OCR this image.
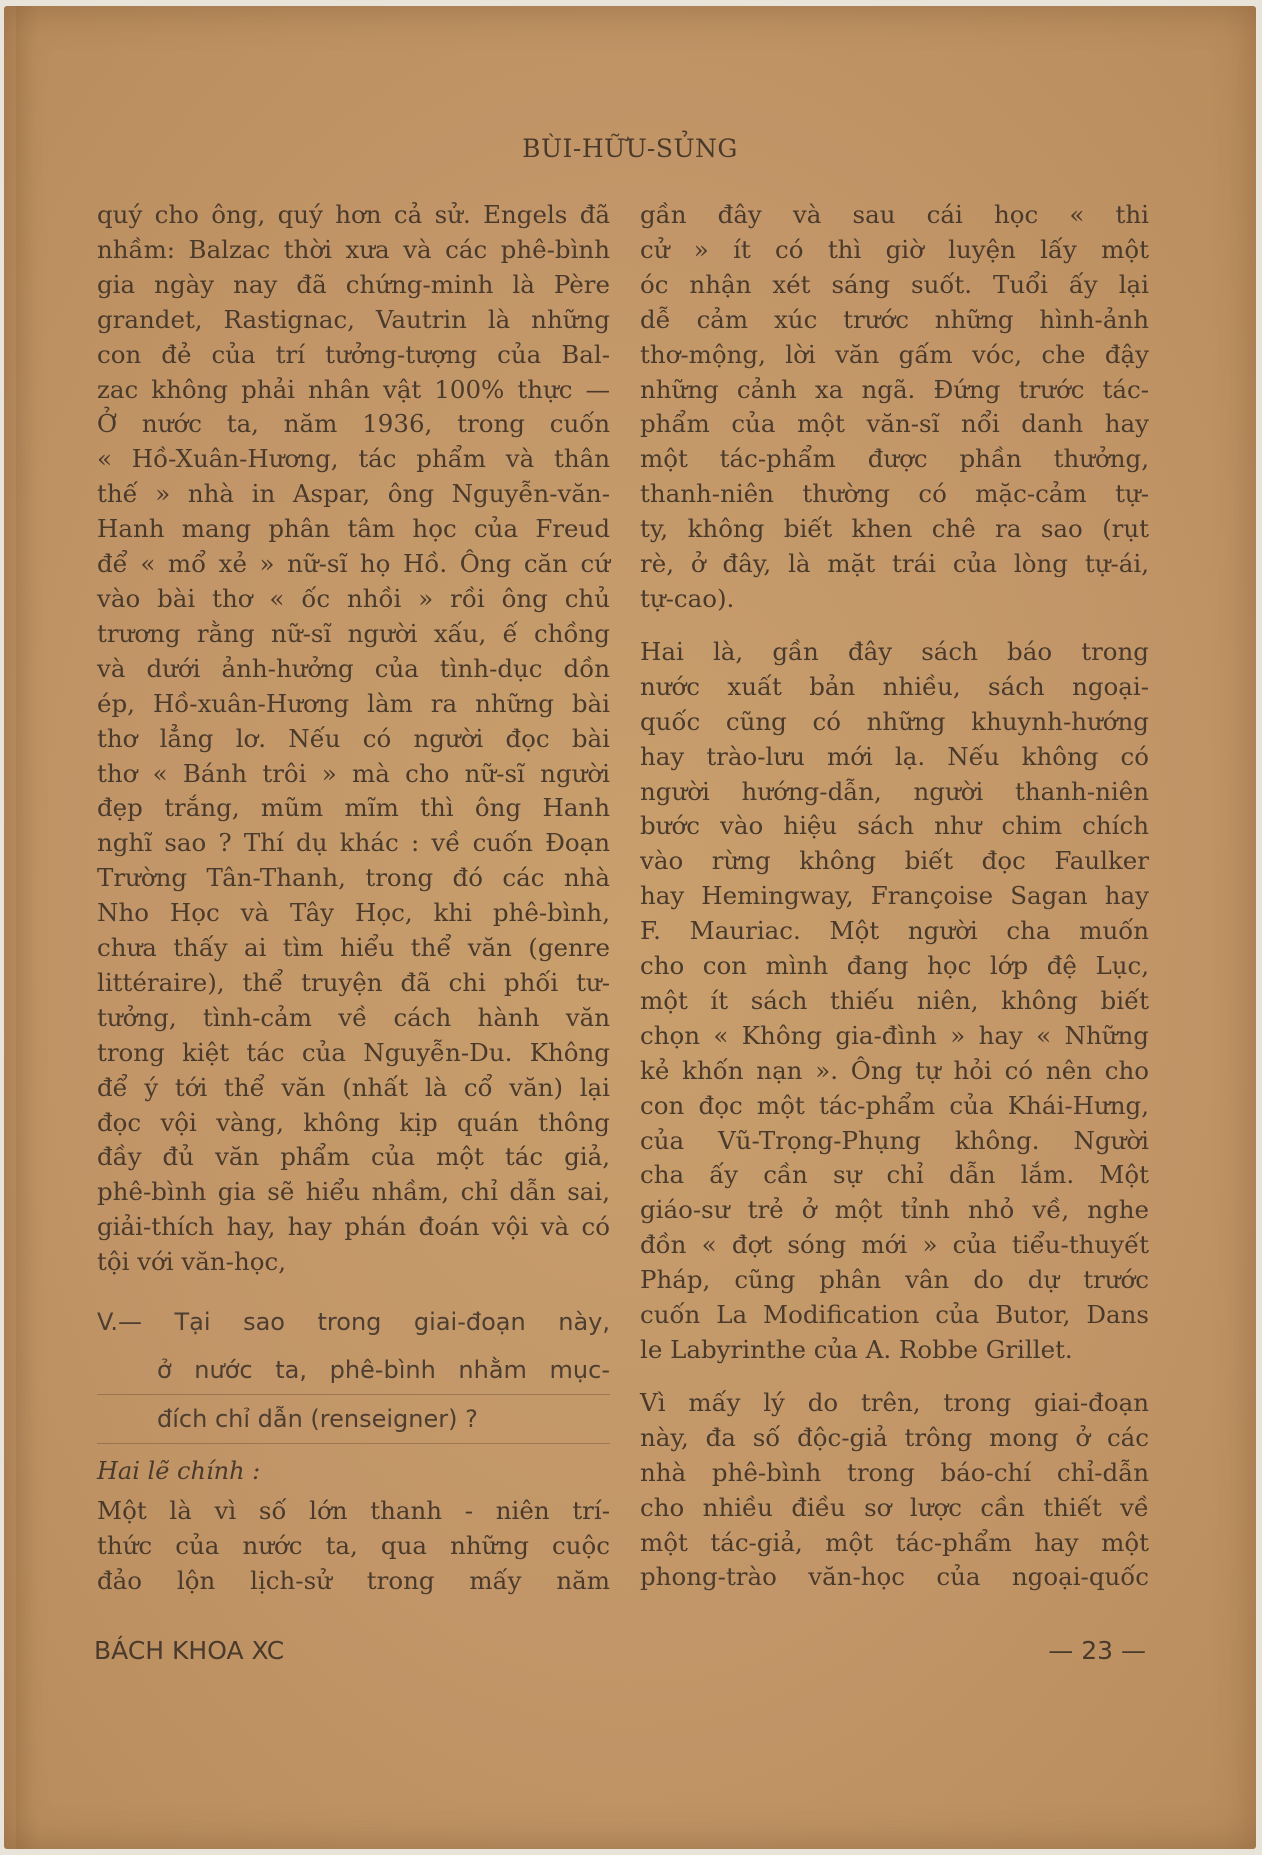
BÙI-HỮU-SỦNG

quý cho ông, quý hơn cả sử. Engels đã
nhầm: Balzac thời xưa và các phê-bình
gia ngày nay đã chứng-minh là Père
grandet, Rastignac, Vautrin là những
con đẻ của trí tưởng-tượng của Bal-
zac không phải nhân vật 100% thực —
Ở nước ta, năm 1936, trong cuốn
« Hồ-Xuân-Hương, tác phẩm và thân
thế » nhà in Aspar, ông Nguyễn-văn-
Hanh mang phân tâm học của Freud
để « mổ xẻ » nữ-sĩ họ Hồ. Ông căn cứ
vào bài thơ « ốc nhồi » rồi ông chủ
trương rằng nữ-sĩ người xấu, ế chồng
và dưới ảnh-hưởng của tình-dục dồn
ép, Hồ-xuân-Hương làm ra những bài
thơ lẳng lơ. Nếu có người đọc bài
thơ « Bánh trôi » mà cho nữ-sĩ người
đẹp trắng, mũm mĩm thì ông Hanh
nghĩ sao ? Thí dụ khác : về cuốn Đoạn
Trường Tân-Thanh, trong đó các nhà
Nho Học và Tây Học, khi phê-bình,
chưa thấy ai tìm hiểu thể văn (genre
littéraire), thể truyện đã chi phối tư-
tưởng, tình-cảm về cách hành văn
trong kiệt tác của Nguyễn-Du. Không
để ý tới thể văn (nhất là cổ văn) lại
đọc vội vàng, không kịp quán thông
đầy đủ văn phẩm của một tác giả,
phê-bình gia sẽ hiểu nhầm, chỉ dẫn sai,
giải-thích hay, hay phán đoán vội và có
tội với văn-học,

V.— Tại sao trong giai-đoạn này,
ở nước ta, phê-bình nhằm mục-
đích chỉ dẫn (renseigner) ?
Hai lẽ chính :

Một là vì số lớn thanh - niên trí-
thức của nước ta, qua những cuộc
đảo lộn lịch-sử trong mấy năm

gần đây và sau cái học « thi
cử » ít có thì giờ luyện lấy một
óc nhận xét sáng suốt. Tuổi ấy lại
dễ cảm xúc trước những hình-ảnh
thơ-mộng, lời văn gấm vóc, che đậy
những cảnh xa ngã. Đứng trước tác-
phẩm của một văn-sĩ nổi danh hay
một tác-phẩm được phần thưởng,
thanh-niên thường có mặc-cảm tự-
ty, không biết khen chê ra sao (rụt
rè, ở đây, là mặt trái của lòng tự-ái,
tự-cao).

Hai là, gần đây sách báo trong
nước xuất bản nhiều, sách ngoại-
quốc cũng có những khuynh-hướng
hay trào-lưu mới lạ. Nếu không có
người hướng-dẫn, người thanh-niên
bước vào hiệu sách như chim chích
vào rừng không biết đọc Faulker
hay Hemingway, Françoise Sagan hay
F. Mauriac. Một người cha muốn
cho con mình đang học lớp đệ Lục,
một ít sách thiếu niên, không biết
chọn « Không gia-đình » hay « Những
kẻ khốn nạn ». Ông tự hỏi có nên cho
con đọc một tác-phẩm của Khái-Hưng,
của Vũ-Trọng-Phụng không. Người
cha ấy cần sự chỉ dẫn lắm. Một
giáo-sư trẻ ở một tỉnh nhỏ về, nghe
đồn « đợt sóng mới » của tiểu-thuyết
Pháp, cũng phân vân do dự trước
cuốn La Modification của Butor, Dans
le Labyrinthe của A. Robbe Grillet.

Vì mấy lý do trên, trong giai-đoạn
này, đa số độc-giả trông mong ở các
nhà phê-bình trong báo-chí chỉ-dẫn
cho nhiều điều sơ lược cần thiết về
một tác-giả, một tác-phẩm hay một
phong-trào văn-học của ngoại-quốc

BÁCH KHOA XC	— 23 —
